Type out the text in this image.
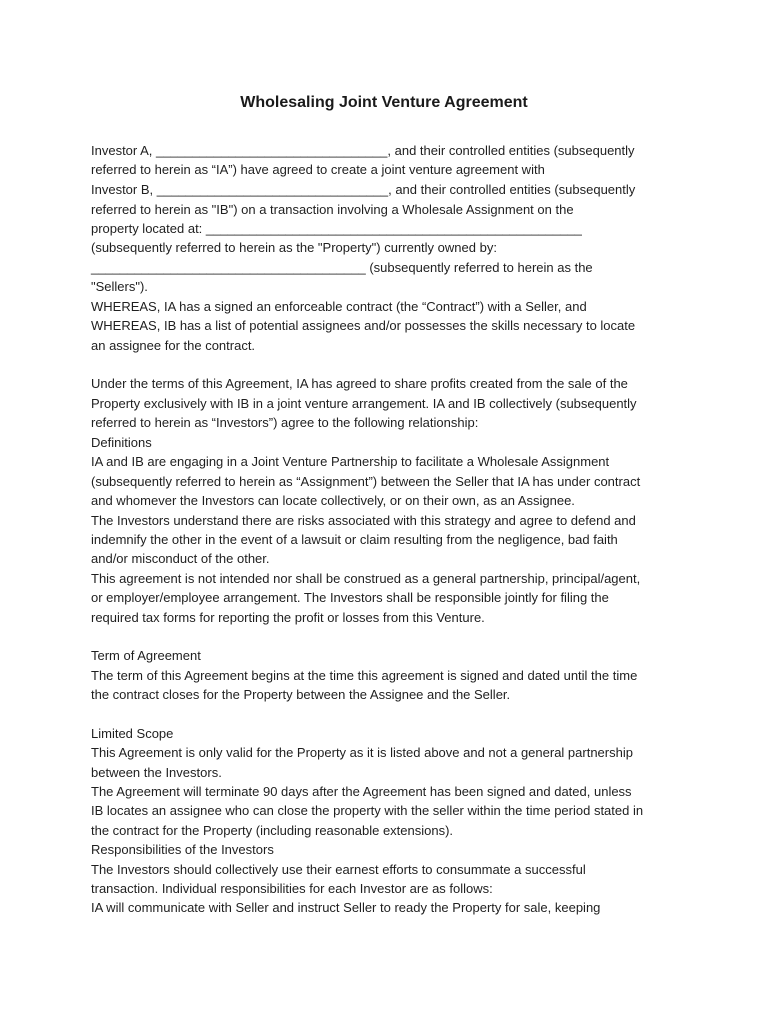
Wholesaling Joint Venture Agreement
Investor A, ________________________________, and their controlled entities (subsequently
referred to herein as “IA”) have agreed to create a joint venture agreement with
Investor B, ________________________________, and their controlled entities (subsequently
referred to herein as "IB") on a transaction involving a Wholesale Assignment on the
property located at: ____________________________________________________
(subsequently referred to herein as the "Property") currently owned by:
______________________________________ (subsequently referred to herein as the
"Sellers").
WHEREAS, IA has a signed an enforceable contract (the “Contract”) with a Seller, and
WHEREAS, IB has a list of potential assignees and/or possesses the skills necessary to locate
an assignee for the contract.
Under the terms of this Agreement, IA has agreed to share profits created from the sale of the
Property exclusively with IB in a joint venture arrangement. IA and IB collectively (subsequently
referred to herein as “Investors”) agree to the following relationship:
Definitions
IA and IB are engaging in a Joint Venture Partnership to facilitate a Wholesale Assignment
(subsequently referred to herein as “Assignment”) between the Seller that IA has under contract
and whomever the Investors can locate collectively, or on their own, as an Assignee.
The Investors understand there are risks associated with this strategy and agree to defend and
indemnify the other in the event of a lawsuit or claim resulting from the negligence, bad faith
and/or misconduct of the other.
This agreement is not intended nor shall be construed as a general partnership, principal/agent,
or employer/employee arrangement. The Investors shall be responsible jointly for filing the
required tax forms for reporting the profit or losses from this Venture.
Term of Agreement
The term of this Agreement begins at the time this agreement is signed and dated until the time
the contract closes for the Property between the Assignee and the Seller.
Limited Scope
This Agreement is only valid for the Property as it is listed above and not a general partnership
between the Investors.
The Agreement will terminate 90 days after the Agreement has been signed and dated, unless
IB locates an assignee who can close the property with the seller within the time period stated in
the contract for the Property (including reasonable extensions).
Responsibilities of the Investors
The Investors should collectively use their earnest efforts to consummate a successful
transaction. Individual responsibilities for each Investor are as follows:
IA will communicate with Seller and instruct Seller to ready the Property for sale, keeping
